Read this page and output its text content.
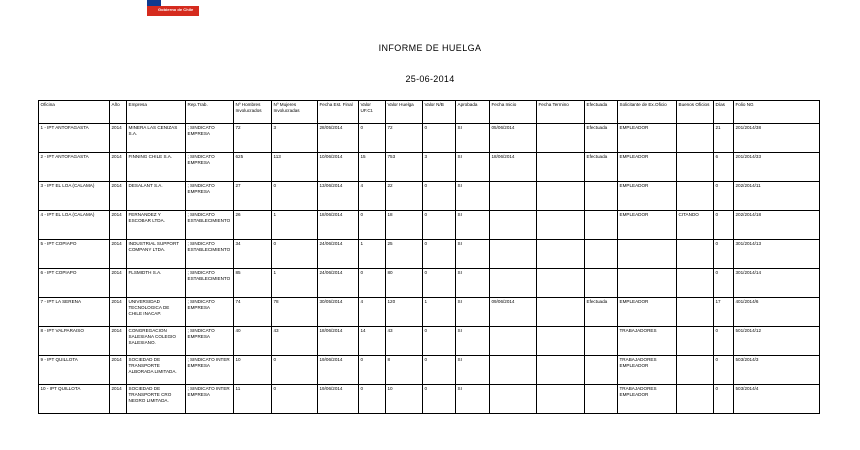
Gobierno de Chile
INFORME DE HUELGA
25-06-2014
Oficina	Año	Empresa	Rep.Trab.	Nº Hombres Involucrados	Nº Mujeres Involucradas	Fecha Est. Final	Valor UF.Ct.	Valor Huelga	Valor N/B	Aprobada	Fecha Inicio	Fecha Termino	Efectuada	Solicitante de Ex.Oficio	Buenos Oficios	Días	Folio NG
1 - IPT ANTOFAGASTA	2014	MINERA LAS CENIZAS S.A.	; SINDICATO EMPRESA	72	3	28/05/2014	0	72	0	SI	05/06/2014		Efectuada	EMPLEADOR		21	201/2014/38
2 - IPT ANTOFAGASTA	2014	FINNING CHILE S.A.	; SINDICATO EMPRESA	625	113	10/06/2014	15	753	3	SI	18/06/2014		Efectuada	EMPLEADOR		6	201/2014/33
3 - IPT EL LOA (CALAMA)	2014	DESALANT S.A.	; SINDICATO EMPRESA	27	0	13/06/2014	4	22	0	SI				EMPLEADOR		0	202/2014/11
4 - IPT EL LOA (CALAMA)	2014	FERNANDEZ Y ESCOBAR LTDA.	; SINDICATO ESTABLECIMIENTO	26	1	18/06/2014	0	18	0	SI				EMPLEADOR	CITANDO	0	202/2014/18
5 - IPT COPIAPO	2014	INDUSTRIAL SUPPORT COMPANY LTDA.	; SINDICATO ESTABLECIMIENTO	34	0	24/06/2014	1	25	0	SI						0	301/2014/13
6 - IPT COPIAPO	2014	FLSMIDTH S.A.	; SINDICATO ESTABLECIMIENTO	85	1	24/06/2014	0	80	0	SI						0	301/2014/14
7 - IPT LA SERENA	2014	UNIVERSIDAD TECNOLOGICA DE CHILE INACAP.	; SINDICATO EMPRESA	74	78	30/05/2014	4	120	1	SI	09/06/2014		Efectuada	EMPLEADOR		17	401/2014/6
8 - IPT VALPARAISO	2014	CONGREGACION SALESIANA COLEGIO SALESIANO.	; SINDICATO EMPRESA	40	43	18/06/2014	14	43	0	SI				TRABAJADORES		0	501/2014/12
9 - IPT QUILLOTA	2014	SOCIEDAD DE TRANSPORTE ALBORADA LIMITADA.	; SINDICATO INTER EMPRESA	10	0	19/06/2014	0	8	0	SI				TRABAJADORES EMPLEADOR		0	503/2014/3
10 - IPT QUILLOTA	2014	SOCIEDAD DE TRANSPORTE CRO NEGRO LIMITADA.	; SINDICATO INTER EMPRESA	11	0	19/06/2014	0	10	0	SI				TRABAJADORES EMPLEADOR		0	503/2014/4
